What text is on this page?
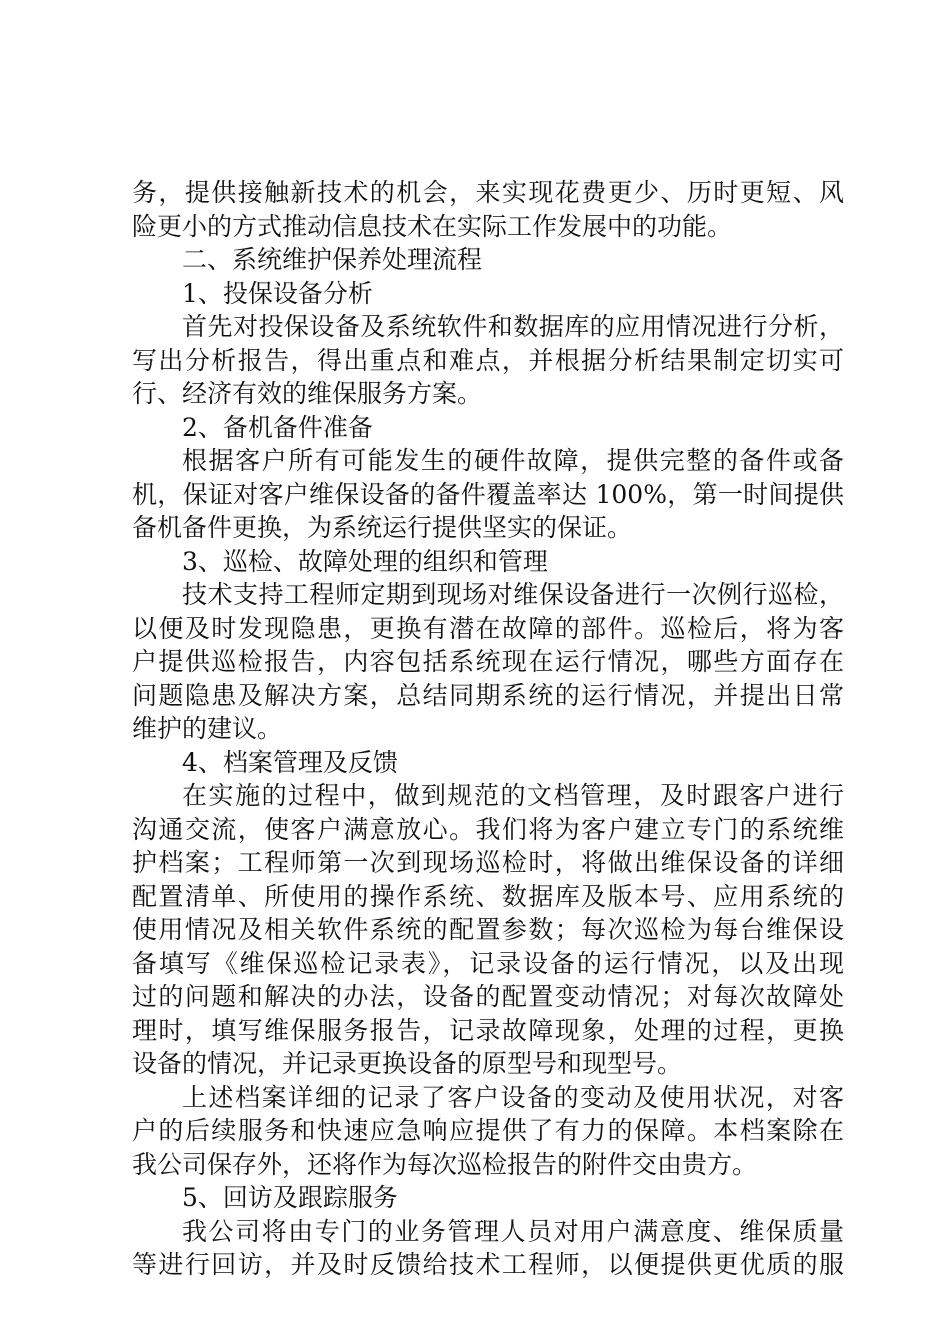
务，提供接触新技术的机会，来实现花费更少、历时更短、风
险更小的方式推动信息技术在实际工作发展中的功能。
二、系统维护保养处理流程
1、投保设备分析
首先对投保设备及系统软件和数据库的应用情况进行分析，
写出分析报告，得出重点和难点，并根据分析结果制定切实可
行、经济有效的维保服务方案。
2、备机备件准备
根据客户所有可能发生的硬件故障，提供完整的备件或备
机，保证对客户维保设备的备件覆盖率达 100%，第一时间提供
备机备件更换，为系统运行提供坚实的保证。
3、巡检、故障处理的组织和管理
技术支持工程师定期到现场对维保设备进行一次例行巡检，
以便及时发现隐患，更换有潜在故障的部件。巡检后，将为客
户提供巡检报告，内容包括系统现在运行情况，哪些方面存在
问题隐患及解决方案，总结同期系统的运行情况，并提出日常
维护的建议。
4、档案管理及反馈
在实施的过程中，做到规范的文档管理，及时跟客户进行
沟通交流，使客户满意放心。我们将为客户建立专门的系统维
护档案；工程师第一次到现场巡检时，将做出维保设备的详细
配置清单、所使用的操作系统、数据库及版本号、应用系统的
使用情况及相关软件系统的配置参数；每次巡检为每台维保设
备填写《维保巡检记录表》，记录设备的运行情况，以及出现
过的问题和解决的办法，设备的配置变动情况；对每次故障处
理时，填写维保服务报告，记录故障现象，处理的过程，更换
设备的情况，并记录更换设备的原型号和现型号。
上述档案详细的记录了客户设备的变动及使用状况，对客
户的后续服务和快速应急响应提供了有力的保障。本档案除在
我公司保存外，还将作为每次巡检报告的附件交由贵方。
5、回访及跟踪服务
我公司将由专门的业务管理人员对用户满意度、维保质量
等进行回访，并及时反馈给技术工程师，以便提供更优质的服
